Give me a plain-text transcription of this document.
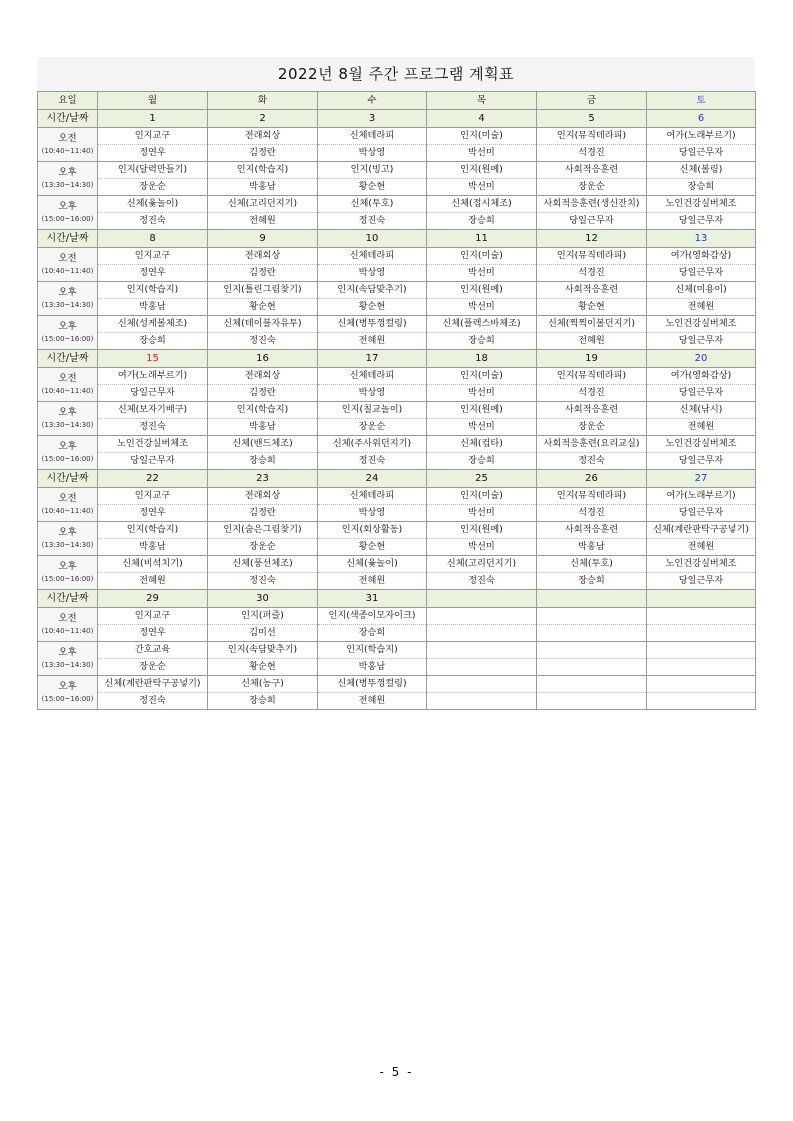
2022년 8월 주간 프로그램 계획표
요일	월	화	수	목	금	토
시간/날짜	1	2	3	4	5	6
오전
(10:40~11:40)	인지교구	전래회상	신체테라피	인지(미술)	인지(뮤직테라피)	여가(노래부르기)
	정연우	김정란	박상영	박선미	석경진	당일근무자
오후
(13:30~14:30)	인지(달력만들기)	인지(학습지)	인지(빙고)	인지(원예)	사회적응훈련	신체(볼링)
	장운순	박홍남	황순현	박선미	장운순	장승희
오후
(15:00~16:00)	신체(윷놀이)	신체(고리던지기)	신체(투호)	신체(접시체조)	사회적응훈련(생신잔치)	노인건강실버체조
	정진숙	전혜원	정진숙	장승희	당일근무자	당일근무자
시간/날짜	8	9	10	11	12	13
오전
(10:40~11:40)	인지교구	전래회상	신체테라피	인지(미술)	인지(뮤직테라피)	여가(영화감상)
	정연우	김정란	박상영	박선미	석경진	당일근무자
오후
(13:30~14:30)	인지(학습지)	인지(틀린그림찾기)	인지(속담맞추기)	인지(원예)	사회적응훈련	신체(미용이)
	박홍남	황순현	황순현	박선미	황순현	전혜원
오후
(15:00~16:00)	신체(성게볼체조)	신체(테이블자유투)	신체(병뚜껑컬링)	신체(플렉스바체조)	신체(찍찍이볼던지기)	노인건강실버체조
	장승희	정진숙	전혜원	장승희	전혜원	당일근무자
시간/날짜	15	16	17	18	19	20
오전
(10:40~11:40)	여가(노래부르기)	전래회상	신체테라피	인지(미술)	인지(뮤직테라피)	여가(영화감상)
	당일근무자	김정란	박상영	박선미	석경진	당일근무자
오후
(13:30~14:30)	신체(보자기배구)	인지(학습지)	인지(칠교놀이)	인지(원예)	사회적응훈련	신체(낚시)
	정진숙	박홍남	장운순	박선미	장운순	전혜원
오후
(15:00~16:00)	노인건강실버체조	신체(밴드체조)	신체(주사위던지기)	신체(컵타)	사회적응훈련(요리교실)	노인건강실버체조
	당일근무자	장승희	정진숙	장승희	정진숙	당일근무자
시간/날짜	22	23	24	25	26	27
오전
(10:40~11:40)	인지교구	전래회상	신체테라피	인지(미술)	인지(뮤직테라피)	여가(노래부르기)
	정연우	김정란	박상영	박선미	석경진	당일근무자
오후
(13:30~14:30)	인지(학습지)	인지(숨은그림찾기)	인지(회상활동)	인지(원예)	사회적응훈련	신체(계란판탁구공넣기)
	박홍남	장운순	황순현	박선미	박홍남	전혜원
오후
(15:00~16:00)	신체(비석치기)	신체(풍선체조)	신체(윷놀이)	신체(고리던지기)	신체(투호)	노인건강실버체조
	전혜원	정진숙	전혜원	정진숙	장승희	당일근무자
시간/날짜	29	30	31			
오전
(10:40~11:40)	인지교구	인지(퍼즐)	인지(색종이모자이크)			
	정연우	김미선	장승희			
오후
(13:30~14:30)	간호교육	인지(속담맞추기)	인지(학습지)			
	장운순	황순현	박홍남			
오후
(15:00~16:00)	신체(계란판탁구공넣기)	신체(농구)	신체(병뚜껑컬링)			
	정진숙	장승희	전혜원			
- 5 -
